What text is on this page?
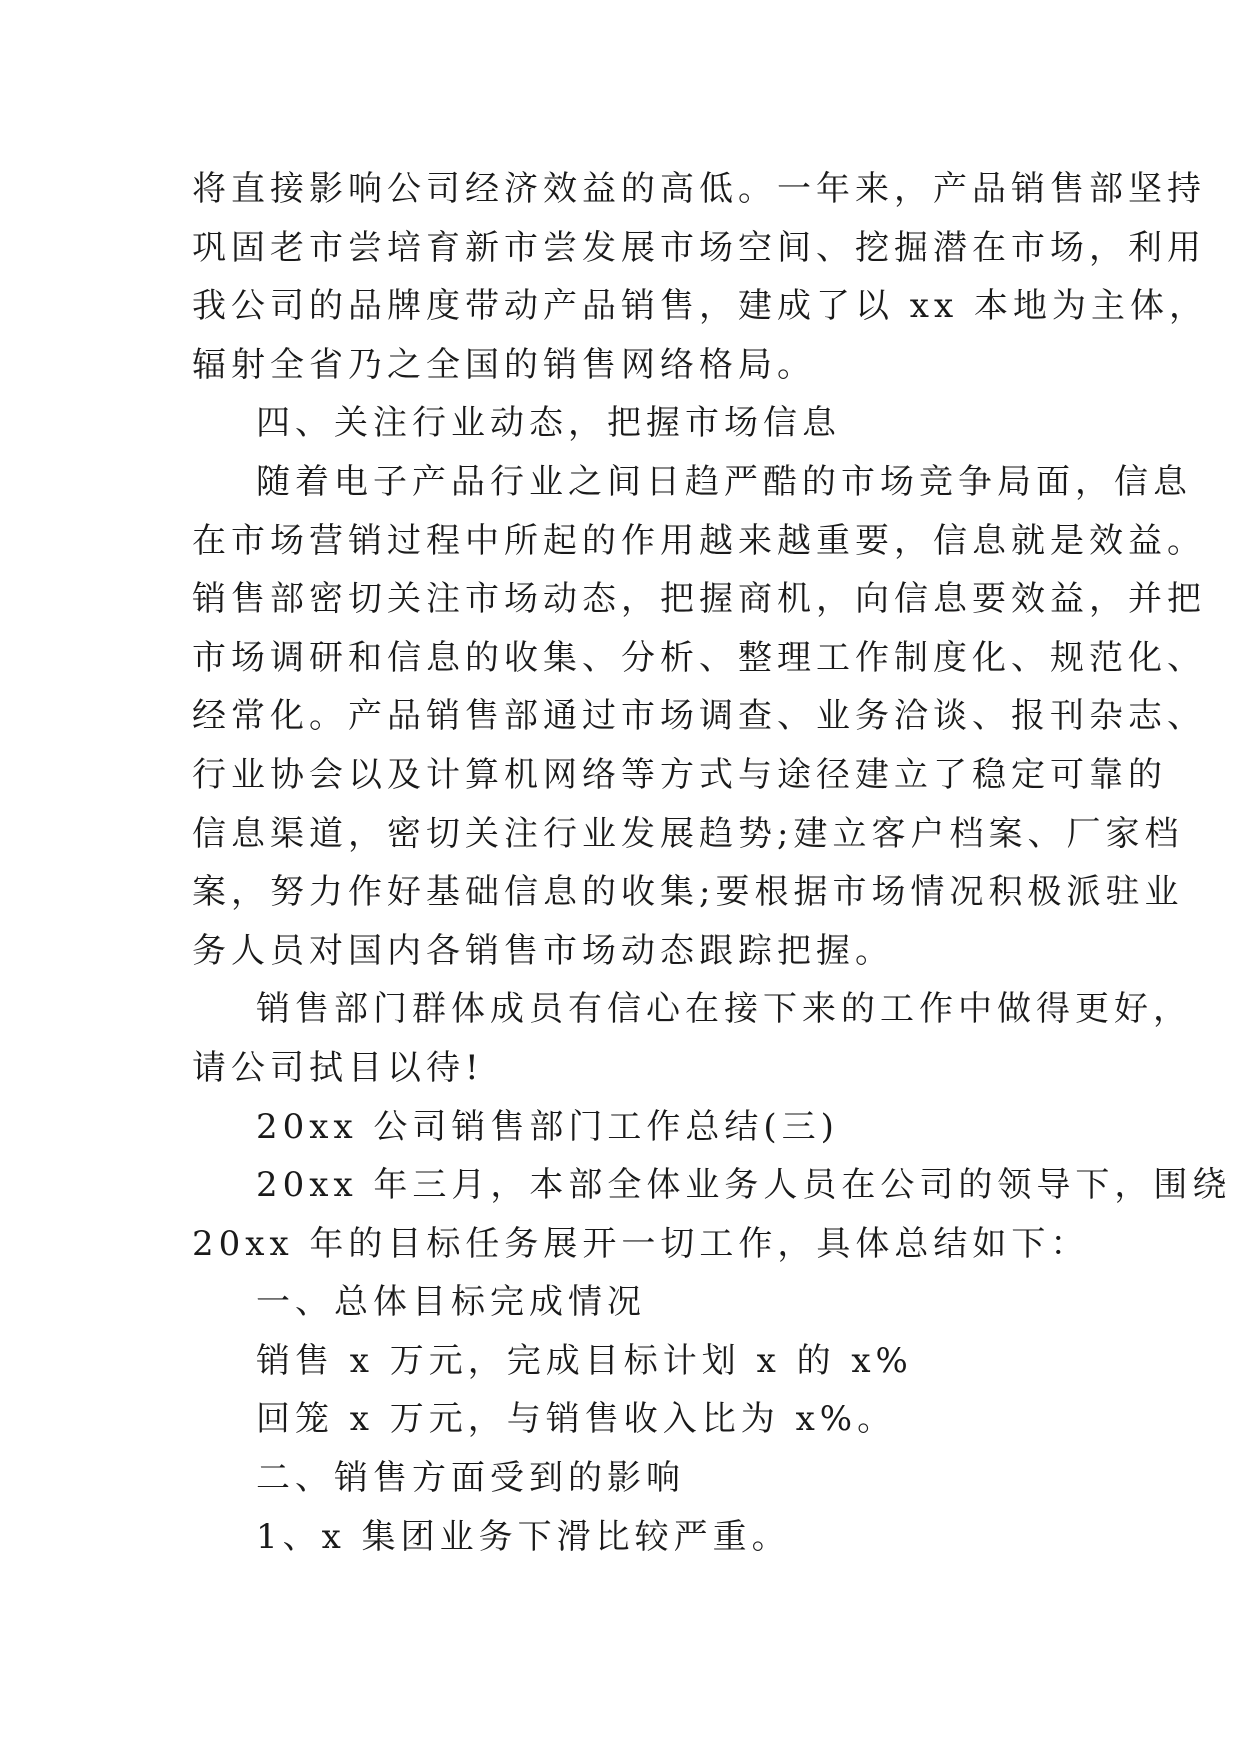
将直接影响公司经济效益的高低。一年来，产品销售部坚持
巩固老市尝培育新市尝发展市场空间、挖掘潜在市场，利用
我公司的品牌度带动产品销售，建成了以 xx 本地为主体，
辐射全省乃之全国的销售网络格局。
四、关注行业动态，把握市场信息
随着电子产品行业之间日趋严酷的市场竞争局面，信息
在市场营销过程中所起的作用越来越重要，信息就是效益。
销售部密切关注市场动态，把握商机，向信息要效益，并把
市场调研和信息的收集、分析、整理工作制度化、规范化、
经常化。产品销售部通过市场调查、业务洽谈、报刊杂志、
行业协会以及计算机网络等方式与途径建立了稳定可靠的
信息渠道，密切关注行业发展趋势;建立客户档案、厂家档
案，努力作好基础信息的收集;要根据市场情况积极派驻业
务人员对国内各销售市场动态跟踪把握。
销售部门群体成员有信心在接下来的工作中做得更好，
请公司拭目以待!
20xx 公司销售部门工作总结(三)
20xx 年三月，本部全体业务人员在公司的领导下，围绕
20xx 年的目标任务展开一切工作，具体总结如下：
一、总体目标完成情况
销售 x 万元，完成目标计划 x 的 x%
回笼 x 万元，与销售收入比为 x%。
二、销售方面受到的影响
1、x 集团业务下滑比较严重。
